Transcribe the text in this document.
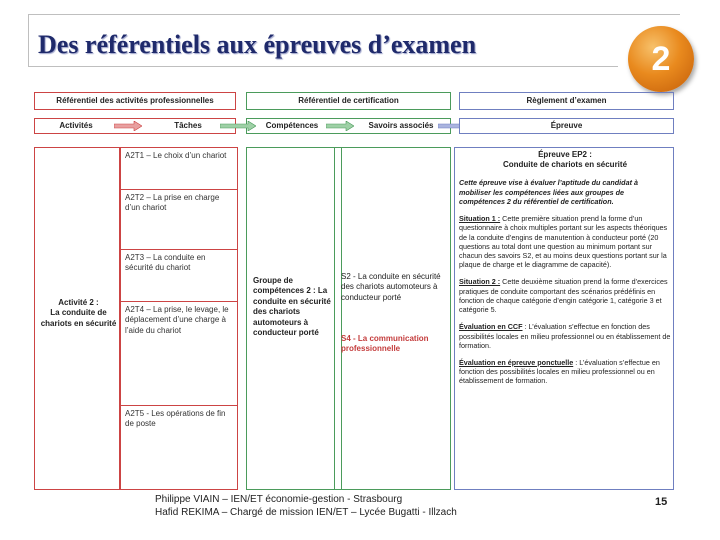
Des référentiels aux épreuves d’examen	2
Référentiel des activités professionnelles	Référentiel de certification	Règlement d’examen
Activités	Tâches	Compétences	Savoirs associés	Épreuve
Activité 2 :
La conduite de
chariots en sécurité
A2T1 – Le choix d’un chariot
A2T2 – La prise en charge d’un chariot
A2T3 – La conduite en sécurité du chariot
A2T4 – La prise, le levage, le déplacement d’une charge à l’aide du chariot
A2T5 - Les opérations de fin de poste
Groupe de compétences 2 : La conduite en sécurité des chariots automoteurs à conducteur porté
S2 - La conduite en sécurité des chariots automoteurs à conducteur porté
S4 - La communication professionnelle
Épreuve EP2 :
Conduite de chariots en sécurité
Cette épreuve vise à évaluer l’aptitude du candidat à mobiliser les compétences liées aux groupes de compétences 2 du référentiel de certification.
Situation 1 : Cette première situation prend la forme d’un questionnaire à choix multiples portant sur les aspects théoriques de la conduite d’engins de manutention à conducteur porté (20 questions au total dont une question au minimum portant sur chacun des savoirs S2, et au moins deux questions portant sur la plaque de charge et le diagramme de capacité).
Situation 2 : Cette deuxième situation prend la forme d’exercices pratiques de conduite comportant des scénarios prédéfinis en fonction de chaque catégorie d’engin catégorie 1, catégorie 3 et catégorie 5.
Évaluation en CCF : L’évaluation s’effectue en fonction des possibilités locales en milieu professionnel ou en établissement de formation.
Évaluation en épreuve ponctuelle : L’évaluation s’effectue en fonction des possibilités locales en milieu professionnel ou en établissement de formation.
Philippe VIAIN – IEN/ET économie-gestion - Strasbourg
Hafid REKIMA – Chargé de mission IEN/ET – Lycée Bugatti - Illzach
15
